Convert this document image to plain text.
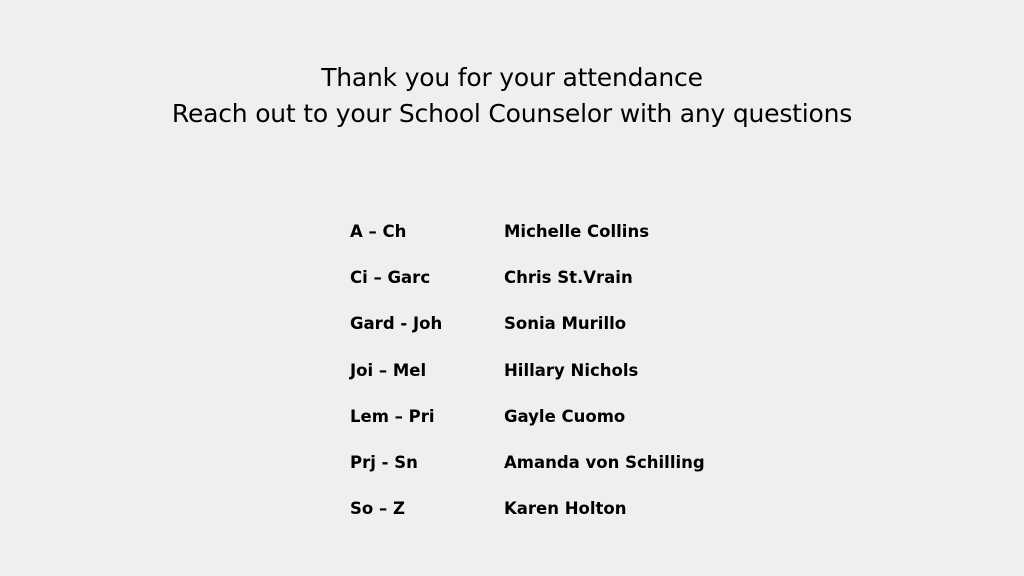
Thank you for your attendance
Reach out to your School Counselor with any questions
A – Ch	Michelle Collins
Ci – Garc	Chris St.Vrain
Gard - Joh	Sonia Murillo
Joi – Mel	Hillary Nichols
Lem – Pri	Gayle Cuomo
Prj - Sn	Amanda von Schilling
So – Z	Karen Holton
